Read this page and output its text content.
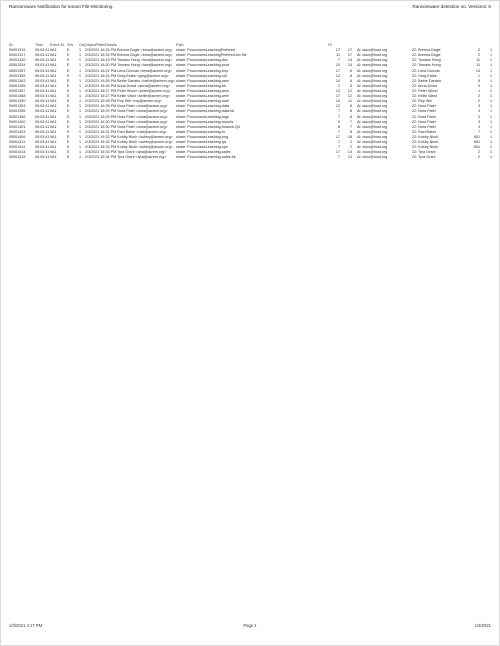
Ransomware Notification for tenant File-Monitoring	Ransomware detection no. Versions: 6
ID	Time	Event ID Sev	Obj Object/Path/Details	Path	Fil
00001315	05:03:41 9A1	E	1	2/3/2021 16:25 PM Brenna Eagle <brna@acrem.org> share: PouconansLeashingPrefered	17	17 Al: docs@host.org	22: Brenna Eagle	2	1
00001317	05:03:41 9A1	E	1	2/3/2021 16:15 PM Brenna Eagle <brna@acrem.org> share: PouconansLeashingPrefered-bin file	11	17 Al: docs@host.org	22: Brenna Eagle	2	1
00001330	05:03:41 9A1	E	1	2/3/2021 16:19 PM Tomasz Hong <host@acrem.org> share: PouconansLeashing-dev	7	14 Al: docs@host.org	22: Tomasz Hong	11	1
00001334	05:03:41 9A1	E	1	2/3/2021 16:20 PM Tomasz Hong <host@acrem.org> share: PouconansLeashing-prod	10	14 Al: docs@host.org	22: Tomasz Hong	11	1
00001357	05:03:41 9A1	E	1	2/3/2021 16:21 PM Lena Duncan <lena@acrem.org>	share: PouconansLeashing-tmp	17	6 Al: docs@host.org	22: Lena Duncan	14	1
00001359	05:03:41 9A1	E	1	2/3/2021 16:24 PM Greg Estes <greg@acrem.org>	share: PouconansLeashing-old	12	8 Al: docs@host.org	22: Greg Estes	1	1
00001363	05:03:41 9A1	E	1	2/3/2021 16:26 PM Bethe Daniels <bethe@acrem.org> share: PouconansLeashing-new	14	8 Al: docs@host.org	22: Bethe Daniels	5	1
00001365	05:03:41 9A1	E	1	2/3/2021 16:26 PM Anna Dowd <anna@acrem.org>	share: PouconansLeashing-bk	2	5 Al: docs@host.org	22: Anna Dowd	5	1
00001367	05:03:41 9A1	E	1	2/3/2021 16:27 PM Peter Wood <peter@acrem.org>	share: PouconansLeashing-arch	12	12 Al: docs@host.org	22: Peter Wood	1	1
00001368	05:03:41 9A1	E	1	2/3/2021 16:27 PM Kellie Ward <kellie@acrem.org>	share: PouconansLeashing-web	17	12 Al: docs@host.org	22: Kellie Ward	2	1
00001390	05:03:41 9A1	E	1	2/3/2021 16:28 PM Roy Wei <roy@acrem.org>	share: PouconansLeashing-mail	10	11 Al: docs@host.org	22: Roy Wei	2	1
00001393	05:03:41 9A1	E	1	2/3/2021 16:28 PM Nora Patel <nora@acrem.org>	share: PouconansLeashing-data	12	8 Al: docs@host.org	22: Nora Patel	3	1
00001395	05:03:41 9A1	E	1	2/3/2021 16:29 PM Nora Patel <nora@acrem.org>	share: PouconansLeashing-data-bk	7	8 Al: docs@host.org	22: Nora Patel	3	1
00001396	05:03:41 9A1	E	1	2/3/2021 16:29 PM Nora Patel <nora@acrem.org>	share: PouconansLeashing-logs	7	8 Al: docs@host.org	22: Nora Patel	3	1
00001400	05:03:41 9A1	E	1	2/3/2021 16:30 PM Nora Patel <nora@acrem.org>	share: PouconansLeashing-reports	9	7 Al: docs@host.org	22: Nora Patel	3	1
00001401	05:03:41 9A1	E	1	2/3/2021 16:30 PM Nora Patel <nora@acrem.org>	share: PouconansLeashing-finance-Q4	8	7 Al: docs@host.org	22: Nora Patel	3	1
00001403	05:03:41 9A1	E	1	2/3/2021 16:31 PM Ravi Baker <ravi@acrem.org>	share: PouconansLeashing-hr	7	8 Al: docs@host.org	22: Ravi Baker	7	1
00001406	05:03:41 9A1	E	1	2/3/2021 16:32 PM Kobby Nkoh <kobby@acrem.org> share: PouconansLeashing-eng	17	18 Al: docs@host.org	22: Kobby Nkoh	651	1
00001411	05:03:41 9A1	E	1	2/3/2021 16:32 PM Kobby Nkoh <kobby@acrem.org> share: PouconansLeashing-qa	7	2 Al: docs@host.org	22: Kobby Nkoh	651	1
00001412	05:03:41 9A1	E	1	2/3/2021 16:33 PM Kobby Nkoh <kobby@acrem.org> share: PouconansLeashing-ops	7	2 Al: docs@host.org	22: Kobby Nkoh	651	1
00001414	05:03:41 9A1	E	1	2/3/2021 16:33 PM Tyra Grant <tyra@acrem.org>	share: PouconansLeashing-sales	17	13 Al: docs@host.org	22: Tyra Grant	2	1
00001415	05:03:41 9A1	E	1	2/3/2021 16:34 PM Tyra Grant <tyra@acrem.org>	share: PouconansLeashing-sales-bk	7	13 Al: docs@host.org	22: Tyra Grant	2	1
1/3/2021 4:17 PM	Page 1	1/3/2021
